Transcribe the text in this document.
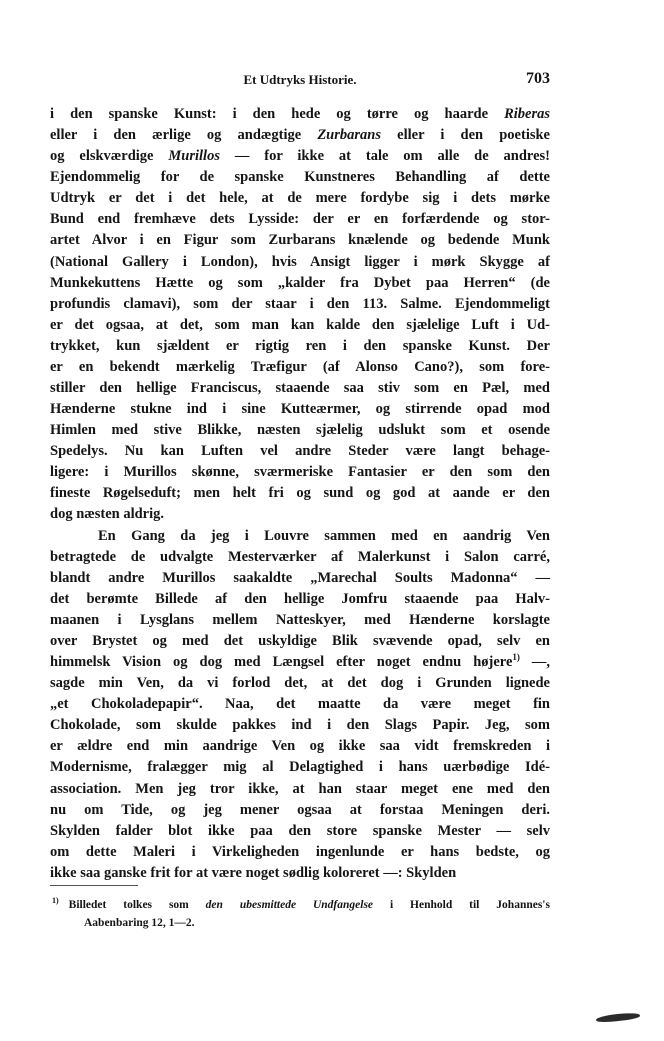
Et Udtryks Historie.	703
i den spanske Kunst: i den hede og tørre og haarde Riberas
eller i den ærlige og andægtige Zurbarans eller i den poetiske
og elskværdige Murillos — for ikke at tale om alle de andres!
Ejendommelig for de spanske Kunstneres Behandling af dette
Udtryk er det i det hele, at de mere fordybe sig i dets mørke
Bund end fremhæve dets Lysside: der er en forfærdende og stor-
artet Alvor i en Figur som Zurbarans knælende og bedende Munk
(National Gallery i London), hvis Ansigt ligger i mørk Skygge af
Munkekuttens Hætte og som „kalder fra Dybet paa Herren“ (de
profundis clamavi), som der staar i den 113. Salme. Ejendommeligt
er det ogsaa, at det, som man kan kalde den sjælelige Luft i Ud-
trykket, kun sjældent er rigtig ren i den spanske Kunst. Der
er en bekendt mærkelig Træfigur (af Alonso Cano?), som fore-
stiller den hellige Franciscus, staaende saa stiv som en Pæl, med
Hænderne stukne ind i sine Kutteærmer, og stirrende opad mod
Himlen med stive Blikke, næsten sjælelig udslukt som et osende
Spedelys. Nu kan Luften vel andre Steder være langt behage-
ligere: i Murillos skønne, sværmeriske Fantasier er den som den
fineste Røgelseduft; men helt fri og sund og god at aande er den
dog næsten aldrig.
En Gang da jeg i Louvre sammen med en aandrig Ven
betragtede de udvalgte Mesterværker af Malerkunst i Salon carré,
blandt andre Murillos saakaldte „Marechal Soults Madonna“ —
det berømte Billede af den hellige Jomfru staaende paa Halv-
maanen i Lysglans mellem Natteskyer, med Hænderne korslagte
over Brystet og med det uskyldige Blik svævende opad, selv en
himmelsk Vision og dog med Længsel efter noget endnu højere$^{1)}$ —,
sagde min Ven, da vi forlod det, at det dog i Grunden lignede
„et Chokoladepapir“. Naa, det maatte da være meget fin
Chokolade, som skulde pakkes ind i den Slags Papir. Jeg, som
er ældre end min aandrige Ven og ikke saa vidt fremskreden i
Modernisme, fralægger mig al Delagtighed i hans uærbødige Idé-
association. Men jeg tror ikke, at han staar meget ene med den
nu om Tide, og jeg mener ogsaa at forstaa Meningen deri.
Skylden falder blot ikke paa den store spanske Mester — selv
om dette Maleri i Virkeligheden ingenlunde er hans bedste, og
ikke saa ganske frit for at være noget sødlig koloreret —: Skylden
$^{1)}$ Billedet tolkes som den ubesmittede Undfangelse i Henhold til Johannes's
Aabenbaring 12, 1—2.
